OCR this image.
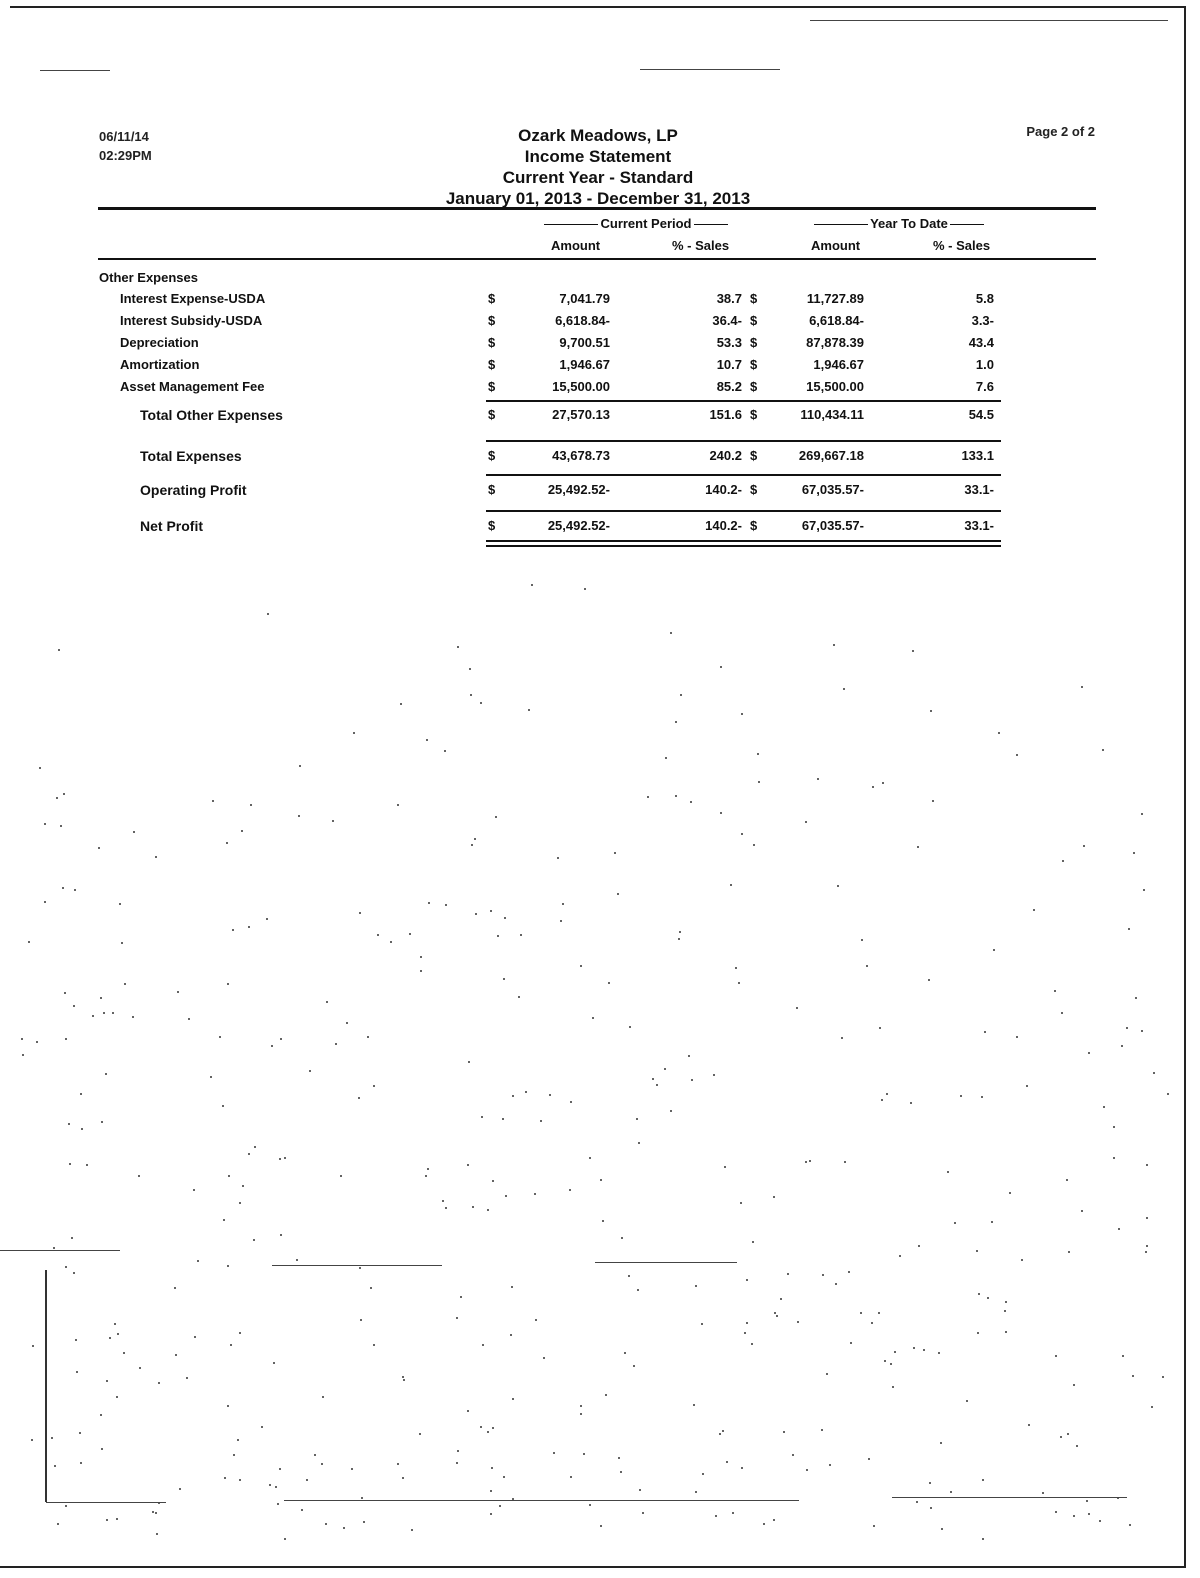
06/11/14
02:29PM
Page 2 of 2
Ozark Meadows, LP
Income Statement
Current Year - Standard
January 01, 2013 - December 31, 2013
Current Period	Year To Date
Amount	% - Sales	Amount	% - Sales
Other Expenses
Interest Expense-USDA	$	7,041.79	38.7 $	11,727.89	5.8
Interest Subsidy-USDA	$	6,618.84-	36.4- $	6,618.84-	3.3-
Depreciation	$	9,700.51	53.3 $	87,878.39	43.4
Amortization	$	1,946.67	10.7 $	1,946.67	1.0
Asset Management Fee	$	15,500.00	85.2 $	15,500.00	7.6
Total Other Expenses	$	27,570.13	151.6 $	110,434.11	54.5
Total Expenses	$	43,678.73	240.2 $	269,667.18	133.1
Operating Profit	$	25,492.52-	140.2- $	67,035.57-	33.1-
Net Profit	$	25,492.52-	140.2- $	67,035.57-	33.1-
